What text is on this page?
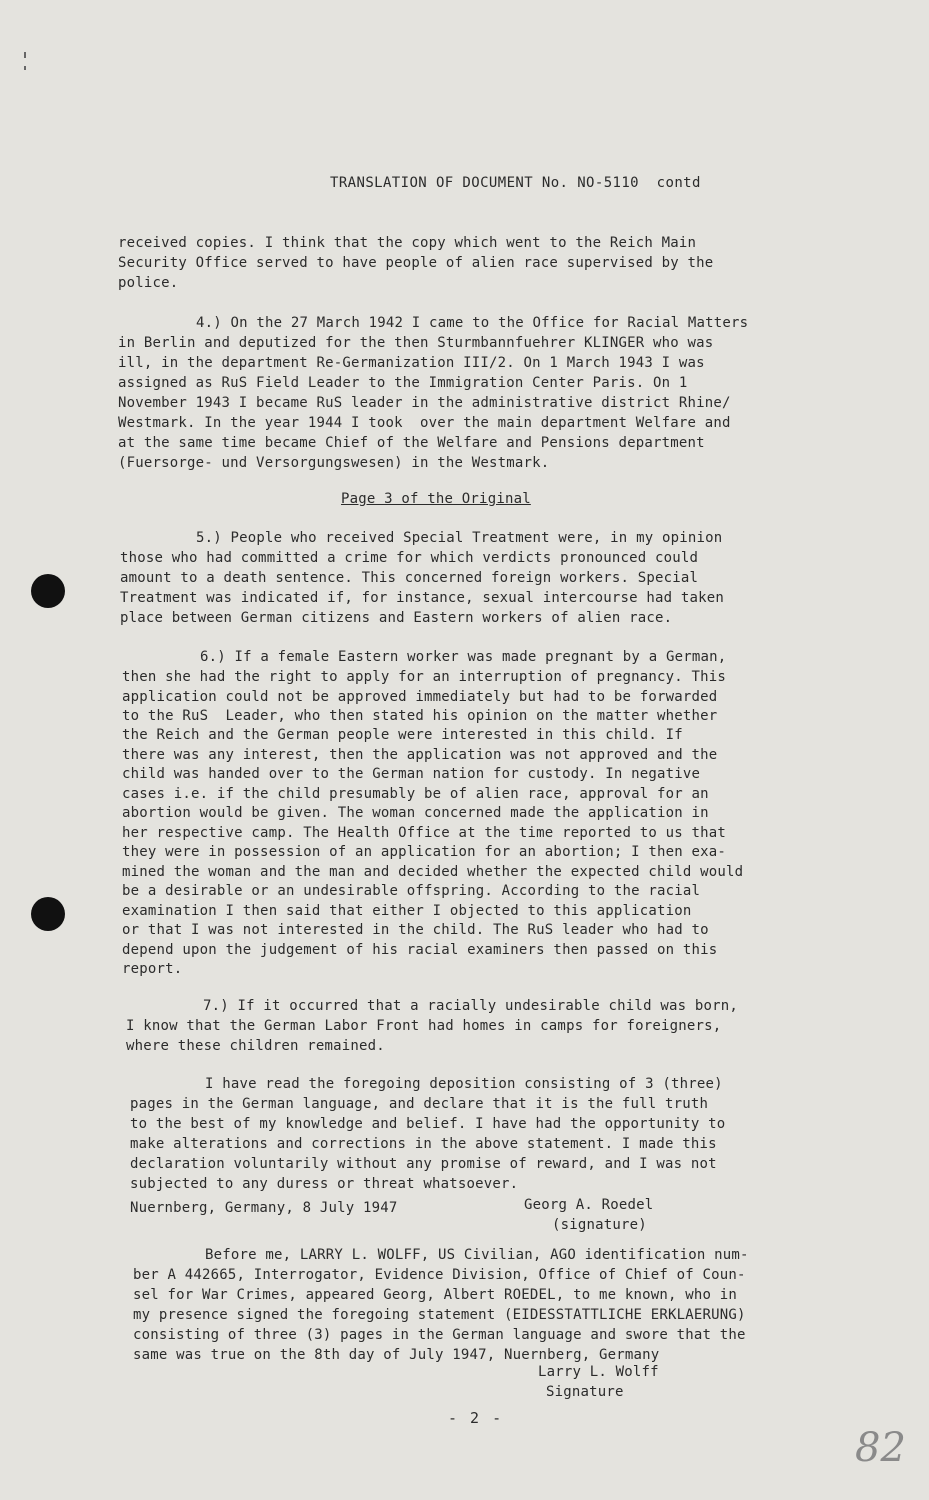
TRANSLATION OF DOCUMENT No. NO-5110  contd
received copies. I think that the copy which went to the Reich Main
Security Office served to have people of alien race supervised by the
police.
4.) On the 27 March 1942 I came to the Office for Racial Matters
in Berlin and deputized for the then Sturmbannfuehrer KLINGER who was
ill, in the department Re-Germanization III/2. On 1 March 1943 I was
assigned as RuS Field Leader to the Immigration Center Paris. On 1
November 1943 I became RuS leader in the administrative district Rhine/
Westmark. In the year 1944 I took  over the main department Welfare and
at the same time became Chief of the Welfare and Pensions department
(Fuersorge- und Versorgungswesen) in the Westmark.
Page 3 of the Original
5.) People who received Special Treatment were, in my opinion
those who had committed a crime for which verdicts pronounced could
amount to a death sentence. This concerned foreign workers. Special
Treatment was indicated if, for instance, sexual intercourse had taken
place between German citizens and Eastern workers of alien race.
6.) If a female Eastern worker was made pregnant by a German,
then she had the right to apply for an interruption of pregnancy. This
application could not be approved immediately but had to be forwarded
to the RuS  Leader, who then stated his opinion on the matter whether
the Reich and the German people were interested in this child. If
there was any interest, then the application was not approved and the
child was handed over to the German nation for custody. In negative
cases i.e. if the child presumably be of alien race, approval for an
abortion would be given. The woman concerned made the application in
her respective camp. The Health Office at the time reported to us that
they were in possession of an application for an abortion; I then exa-
mined the woman and the man and decided whether the expected child would
be a desirable or an undesirable offspring. According to the racial
examination I then said that either I objected to this application
or that I was not interested in the child. The RuS leader who had to
depend upon the judgement of his racial examiners then passed on this
report.
7.) If it occurred that a racially undesirable child was born,
I know that the German Labor Front had homes in camps for foreigners,
where these children remained.
I have read the foregoing deposition consisting of 3 (three)
pages in the German language, and declare that it is the full truth
to the best of my knowledge and belief. I have had the opportunity to
make alterations and corrections in the above statement. I made this
declaration voluntarily without any promise of reward, and I was not
subjected to any duress or threat whatsoever.
Nuernberg, Germany, 8 July 1947	Georg A. Roedel
(signature)
Before me, LARRY L. WOLFF, US Civilian, AGO identification num-
ber A 442665, Interrogator, Evidence Division, Office of Chief of Coun-
sel for War Crimes, appeared Georg, Albert ROEDEL, to me known, who in
my presence signed the foregoing statement (EIDESSTATTLICHE ERKLAERUNG)
consisting of three (3) pages in the German language and swore that the
same was true on the 8th day of July 1947, Nuernberg, Germany
Larry L. Wolff
Signature
- 2 -
82
